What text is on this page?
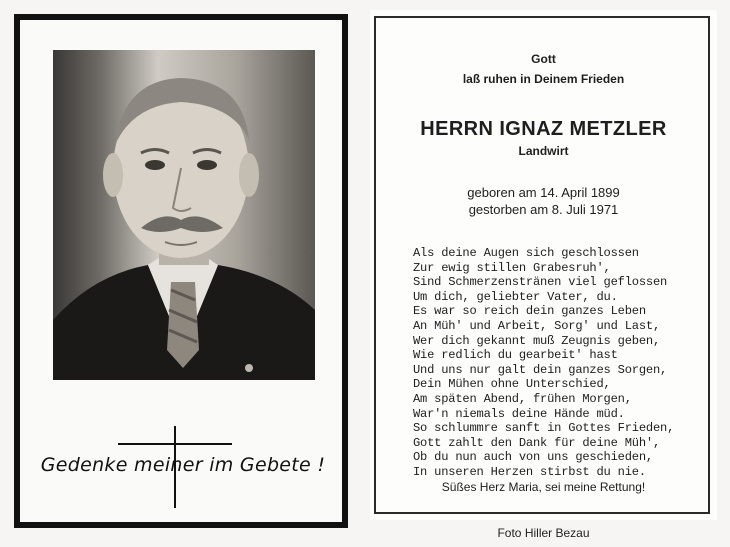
Gedenke meiner im Gebete !
Gott
laß ruhen in Deinem Frieden
HERRN IGNAZ METZLER
Landwirt
geboren am 14. April 1899
gestorben am 8. Juli 1971
Als deine Augen sich geschlossen
Zur ewig stillen Grabesruh',
Sind Schmerzenstränen viel geflossen
Um dich, geliebter Vater, du.
Es war so reich dein ganzes Leben
An Müh' und Arbeit, Sorg' und Last,
Wer dich gekannt muß Zeugnis geben,
Wie redlich du gearbeit' hast
Und uns nur galt dein ganzes Sorgen,
Dein Mühen ohne Unterschied,
Am späten Abend, frühen Morgen,
War'n niemals deine Hände müd.
So schlummre sanft in Gottes Frieden,
Gott zahlt den Dank für deine Müh',
Ob du nun auch von uns geschieden,
In unseren Herzen stirbst du nie.
Süßes Herz Maria, sei meine Rettung!
Foto Hiller Bezau
